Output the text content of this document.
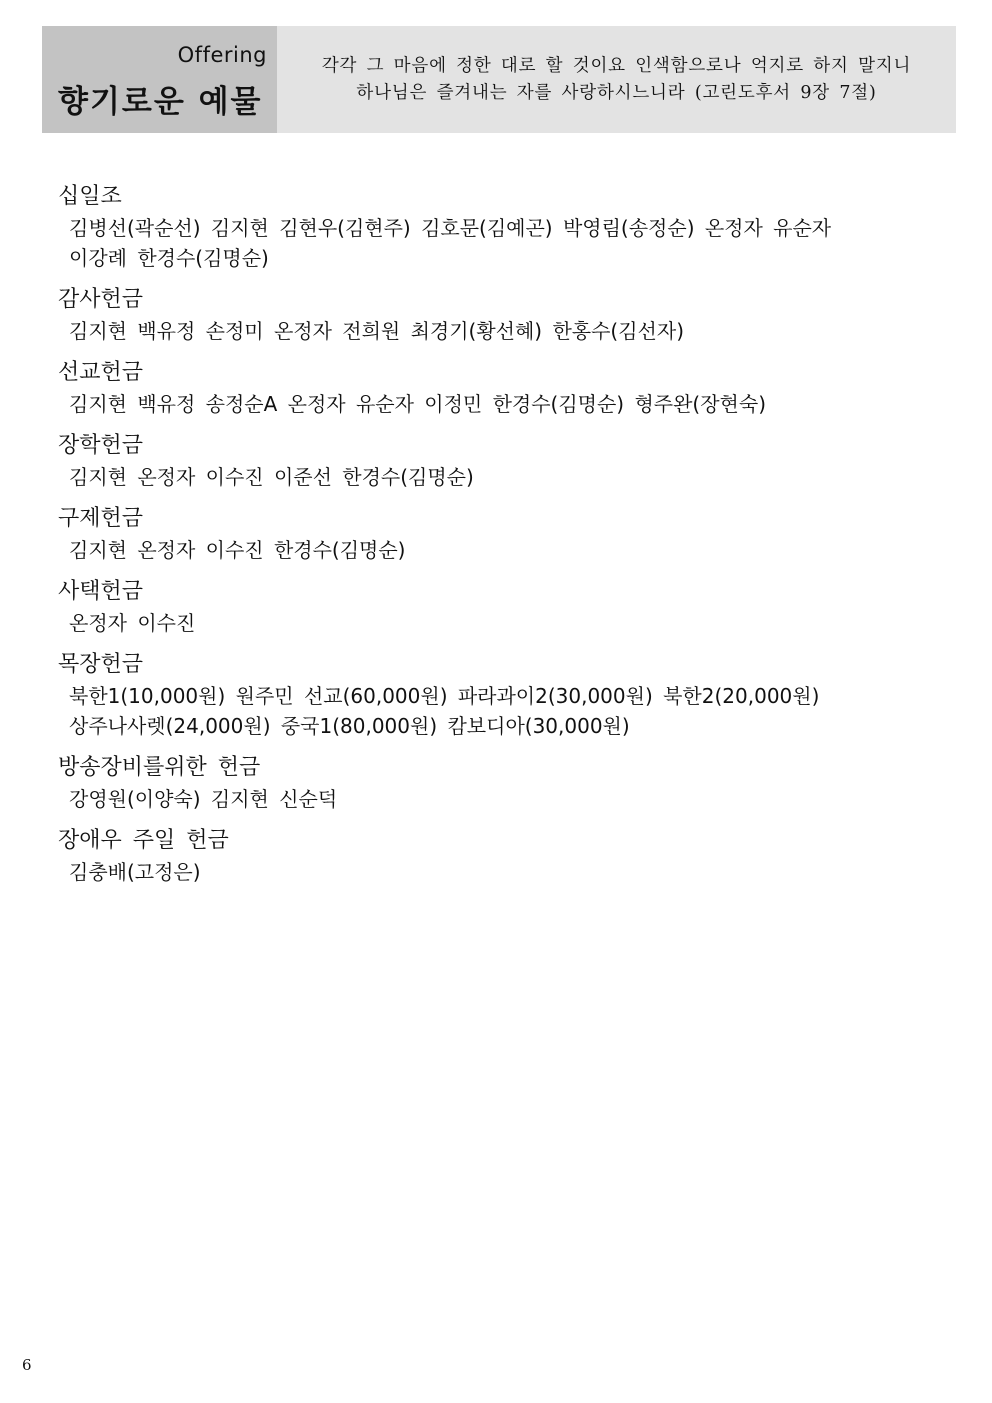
Offering
향기로운 예물
각각 그 마음에 정한 대로 할 것이요 인색함으로나 억지로 하지 말지니
하나님은 즐겨내는 자를 사랑하시느니라 (고린도후서 9장 7절)
십일조
김병선(곽순선) 김지현 김현우(김현주) 김호문(김예곤) 박영림(송정순) 온정자 유순자
이강례 한경수(김명순)
감사헌금
김지현 백유정 손정미 온정자 전희원 최경기(황선혜) 한홍수(김선자)
선교헌금
김지현 백유정 송정순A 온정자 유순자 이정민 한경수(김명순) 형주완(장현숙)
장학헌금
김지현 온정자 이수진 이준선 한경수(김명순)
구제헌금
김지현 온정자 이수진 한경수(김명순)
사택헌금
온정자 이수진
목장헌금
북한1(10,000원) 원주민 선교(60,000원) 파라과이2(30,000원) 북한2(20,000원)
상주나사렛(24,000원) 중국1(80,000원) 캄보디아(30,000원)
방송장비를위한 헌금
강영원(이양숙) 김지현 신순덕
장애우 주일 헌금
김충배(고정은)
6
